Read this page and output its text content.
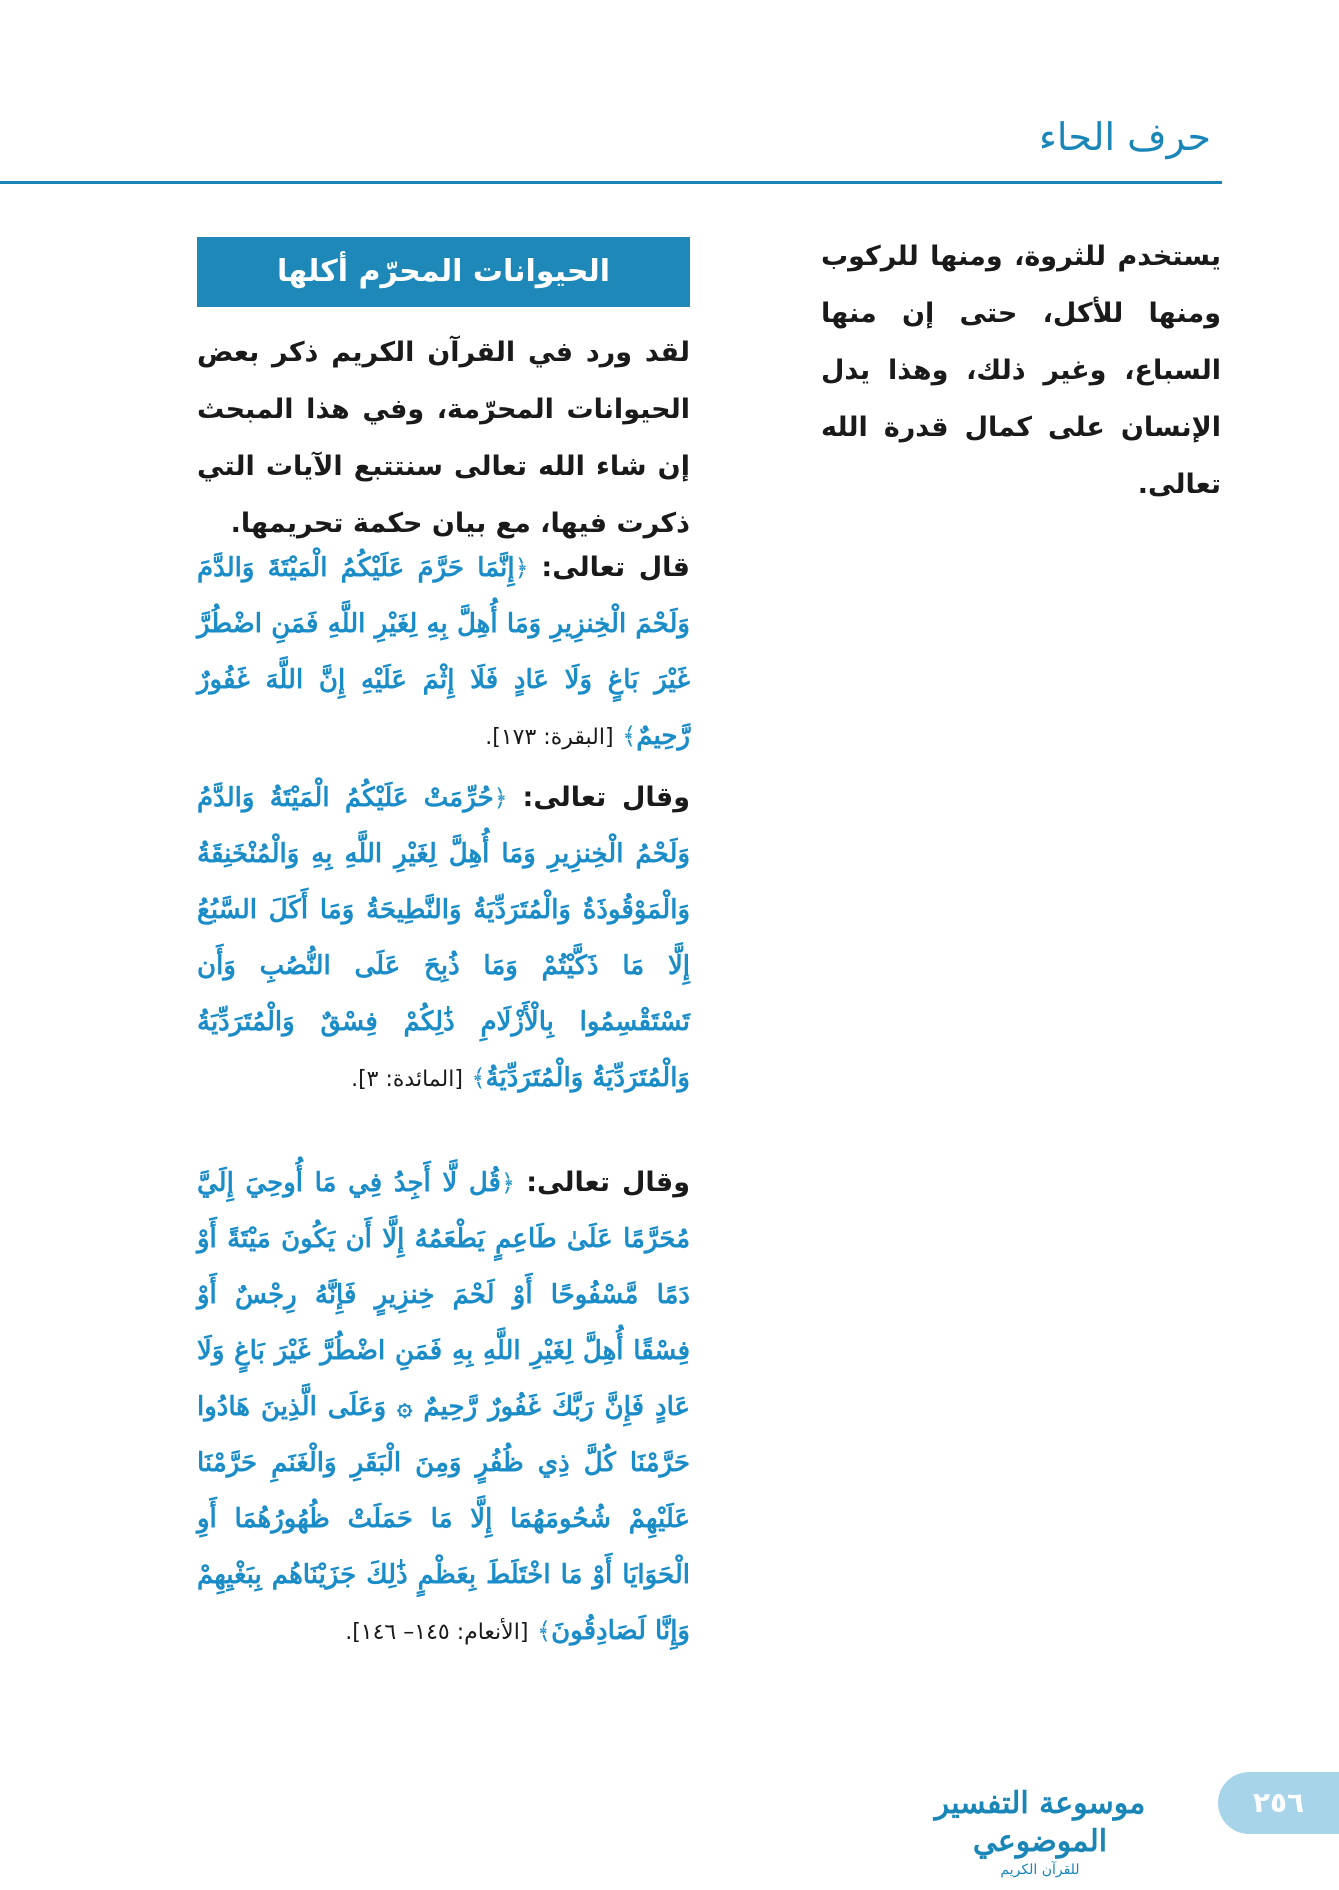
حرف الحاء
يستخدم للثروة، ومنها للركوب ومنها للأكل، حتى إن منها السباع، وغير ذلك، وهذا يدل الإنسان على كمال قدرة الله تعالى.
الحيوانات المحرّم أكلها
لقد ورد في القرآن الكريم ذكر بعض الحيوانات المحرّمة، وفي هذا المبحث إن شاء الله تعالى سنتتبع الآيات التي ذكرت فيها، مع بيان حكمة تحريمها.
قال تعالى: ﴿إِنَّمَا حَرَّمَ عَلَيْكُمُ الْمَيْتَةَ وَالدَّمَ وَلَحْمَ الْخِنزِيرِ وَمَا أُهِلَّ بِهِ لِغَيْرِ اللَّهِ فَمَنِ اضْطُرَّ غَيْرَ بَاغٍ وَلَا عَادٍ فَلَا إِثْمَ عَلَيْهِ إِنَّ اللَّهَ غَفُورٌ رَّحِيمٌ﴾ [البقرة: ١٧٣].
وقال تعالى: ﴿حُرِّمَتْ عَلَيْكُمُ الْمَيْتَةُ وَالدَّمُ وَلَحْمُ الْخِنزِيرِ وَمَا أُهِلَّ لِغَيْرِ اللَّهِ بِهِ وَالْمُنْخَنِقَةُ وَالْمَوْقُوذَةُ وَالْمُتَرَدِّيَةُ وَالنَّطِيحَةُ وَمَا أَكَلَ السَّبُعُ إِلَّا مَا ذَكَّيْتُمْ وَمَا ذُبِحَ عَلَى النُّصُبِ وَأَن تَسْتَقْسِمُوا بِالْأَزْلَامِ ذَٰلِكُمْ فِسْقٌ وَالْمُتَرَدِّيَةُ وَالْمُتَرَدِّيَةُ وَالْمُتَرَدِّيَةُ﴾ [المائدة: ٣].
وقال تعالى: ﴿قُل لَّا أَجِدُ فِي مَا أُوحِيَ إِلَيَّ مُحَرَّمًا عَلَىٰ طَاعِمٍ يَطْعَمُهُ إِلَّا أَن يَكُونَ مَيْتَةً أَوْ دَمًا مَّسْفُوحًا أَوْ لَحْمَ خِنزِيرٍ فَإِنَّهُ رِجْسٌ أَوْ فِسْقًا أُهِلَّ لِغَيْرِ اللَّهِ بِهِ فَمَنِ اضْطُرَّ غَيْرَ بَاغٍ وَلَا عَادٍ فَإِنَّ رَبَّكَ غَفُورٌ رَّحِيمٌ ۞ وَعَلَى الَّذِينَ هَادُوا حَرَّمْنَا كُلَّ ذِي ظُفُرٍ وَمِنَ الْبَقَرِ وَالْغَنَمِ حَرَّمْنَا عَلَيْهِمْ شُحُومَهُمَا إِلَّا مَا حَمَلَتْ ظُهُورُهُمَا أَوِ الْحَوَايَا أَوْ مَا اخْتَلَطَ بِعَظْمٍ ذَٰلِكَ جَزَيْنَاهُم بِبَغْيِهِمْ وَإِنَّا لَصَادِقُونَ﴾ [الأنعام: ١٤٥– ١٤٦].
موسوعة التفسير الموضوعي
للقرآن الكريم
٢٥٦
